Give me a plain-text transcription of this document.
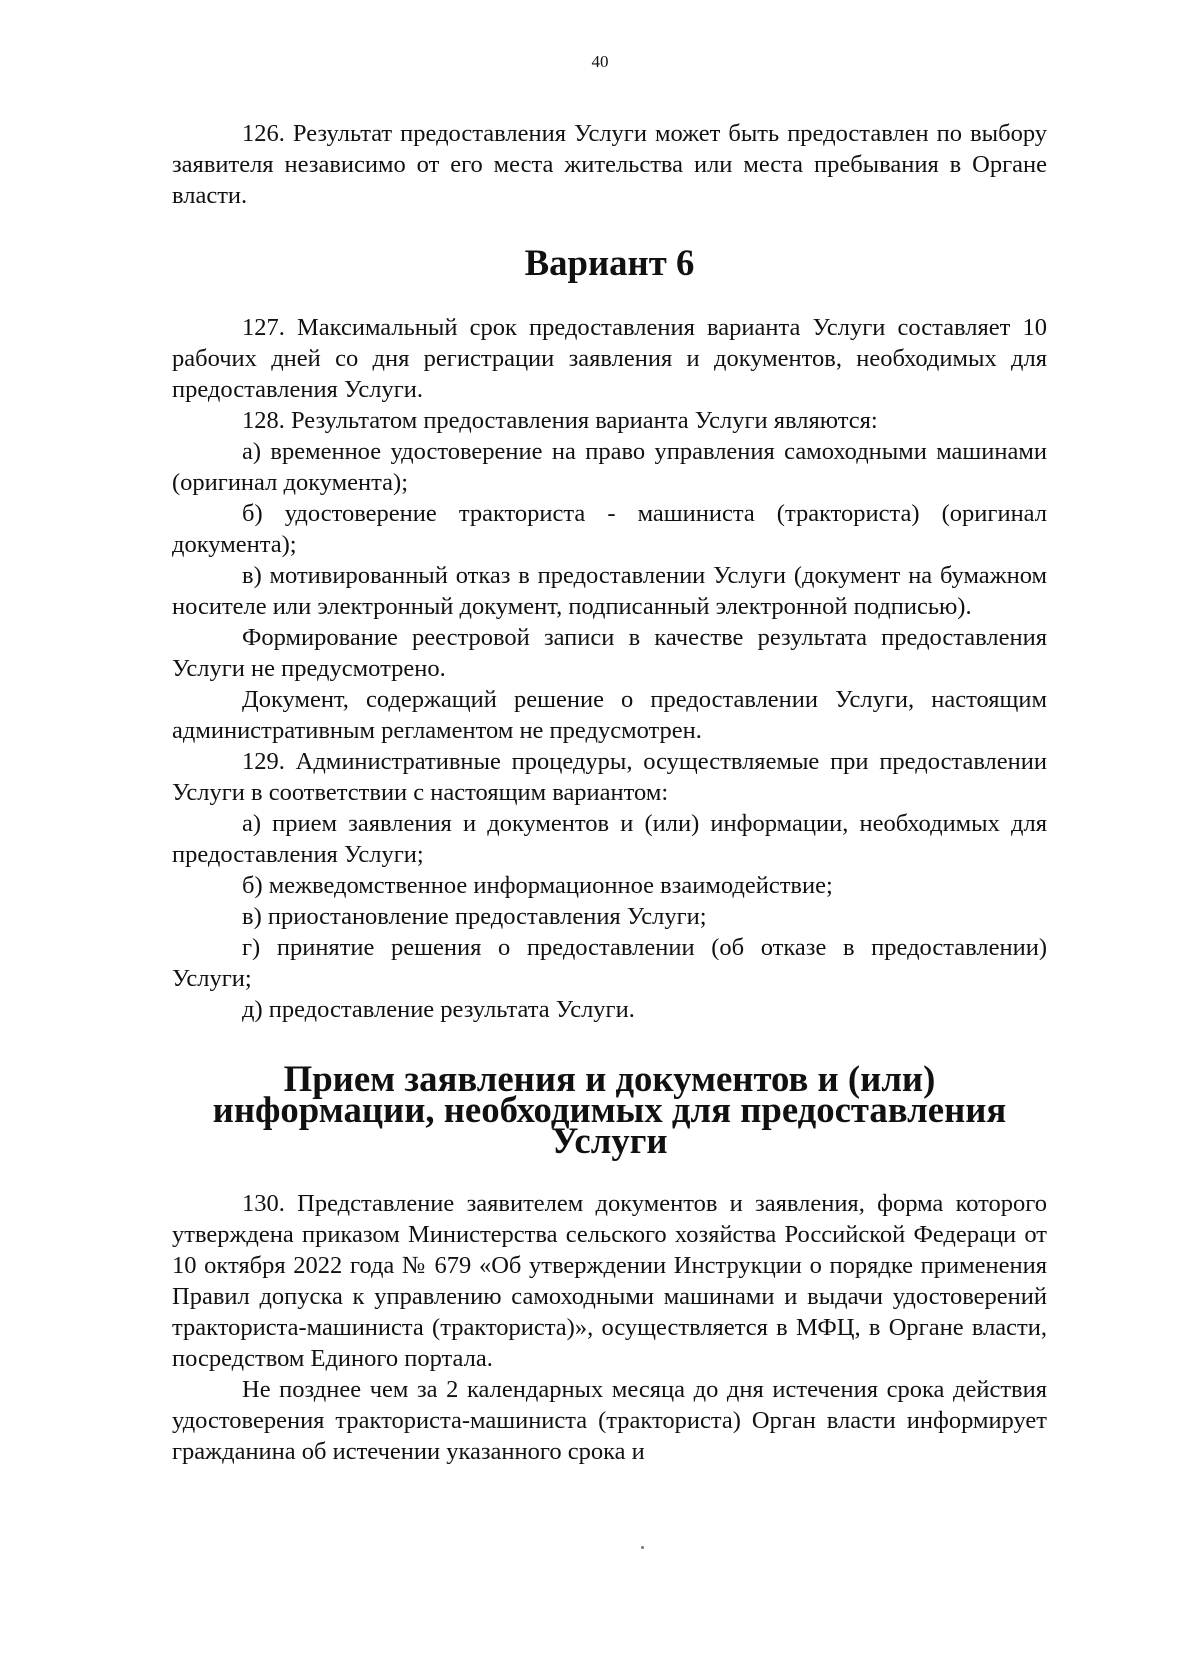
40

126. Результат предоставления Услуги может быть предоставлен по выбору заявителя независимо от его места жительства или места пребывания в Органе власти.

Вариант 6

127. Максимальный срок предоставления варианта Услуги составляет 10 рабочих дней со дня регистрации заявления и документов, необходимых для предоставления Услуги.

128. Результатом предоставления варианта Услуги являются:

а) временное удостоверение на право управления самоходными машинами (оригинал документа);

б) удостоверение тракториста - машиниста (тракториста) (оригинал документа);

в) мотивированный отказ в предоставлении Услуги (документ на бумажном носителе или электронный документ, подписанный электронной подписью).

Формирование реестровой записи в качестве результата предоставления Услуги не предусмотрено.

Документ, содержащий решение о предоставлении Услуги, настоящим административным регламентом не предусмотрен.

129. Административные процедуры, осуществляемые при предоставлении Услуги в соответствии с настоящим вариантом:

а) прием заявления и документов и (или) информации, необходимых для предоставления Услуги;

б) межведомственное информационное взаимодействие;

в) приостановление предоставления Услуги;

г) принятие решения о предоставлении (об отказе в предоставлении) Услуги;

д) предоставление результата Услуги.

Прием заявления и документов и (или) информации, необходимых для предоставления Услуги

130. Представление заявителем документов и заявления, форма которого утверждена приказом Министерства сельского хозяйства Российской Федераци от 10 октября 2022 года № 679 «Об утверждении Инструкции о порядке применения Правил допуска к управлению самоходными машинами и выдачи удостоверений тракториста-машиниста (тракториста)», осуществляется в МФЦ, в Органе власти, посредством Единого портала.

Не позднее чем за 2 календарных месяца до дня истечения срока действия удостоверения тракториста-машиниста (тракториста) Орган власти информирует гражданина об истечении указанного срока и
